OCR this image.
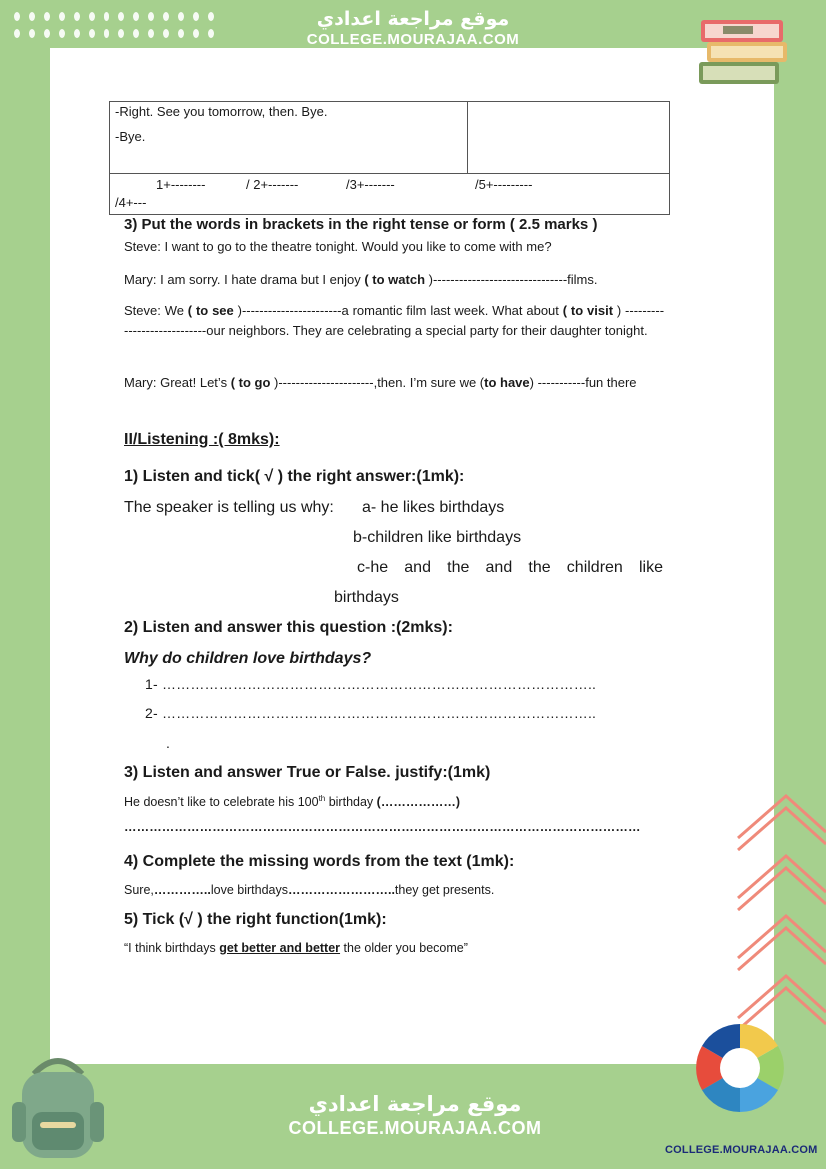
موقع مراجعة اعدادي
COLLEGE.MOURAJAA.COM
-Right. See you tomorrow, then. Bye.
-Bye.

1+--------	/ 2+-------	/3+-------	/5+---------
/4+---
3) Put the words in brackets in the right tense or form ( 2.5 marks )
Steve: I want to go to the theatre tonight. Would you like to come with me?
Mary: I am sorry. I hate drama but I enjoy ( to watch )-------------------------------films.
Steve: We ( to see )-----------------------a romantic film last week. What about ( to visit ) ----------------------------our neighbors. They are celebrating a special party for their daughter tonight.
Mary: Great! Let’s ( to go )----------------------,then. I’m sure we (to have) -----------fun there
II/Listening :( 8mks):
1) Listen and tick( √ ) the right answer:(1mk):
The speaker is telling us why: a- he likes birthdays
b-children like birthdays
c-he and the and the children like
birthdays
2) Listen and answer this question :(2mks):
Why do children love birthdays?
1- ………………………………………………………………………………..
2- ………………………………………………………………………………..
.
3) Listen and answer True or False. justify:(1mk)
He doesn’t like to celebrate his 100th birthday (………………)
……………………………………………………………………………………………………………
4) Complete the missing words from the text (1mk):
Sure,…………..love birthdays……………………..they get presents.
5) Tick (√ ) the right function(1mk):
“I think birthdays get better and better the older you become”
موقع مراجعة اعدادي
COLLEGE.MOURAJAA.COM
COLLEGE.MOURAJAA.COM
